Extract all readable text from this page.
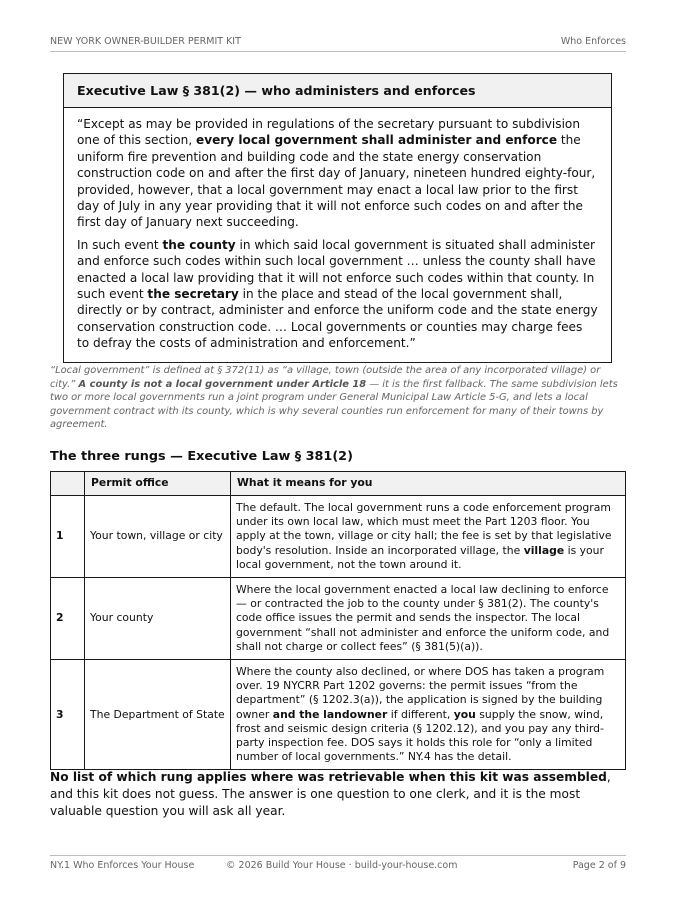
NEW YORK OWNER-BUILDER PERMIT KIT	Who Enforces
Executive Law § 381(2) — who administers and enforces

“Except as may be provided in regulations of the secretary pursuant to subdivision one of this section, every local government shall administer and enforce the uniform fire prevention and building code and the state energy conservation construction code on and after the first day of January, nineteen hundred eighty-four, provided, however, that a local government may enact a local law prior to the first day of July in any year providing that it will not enforce such codes on and after the first day of January next succeeding.

In such event the county in which said local government is situated shall administer and enforce such codes within such local government … unless the county shall have enacted a local law providing that it will not enforce such codes within that county. In such event the secretary in the place and stead of the local government shall, directly or by contract, administer and enforce the uniform code and the state energy conservation construction code. … Local governments or counties may charge fees to defray the costs of administration and enforcement.”

“Local government” is defined at § 372(11) as “a village, town (outside the area of any incorporated village) or city.” A county is not a local government under Article 18 — it is the first fallback. The same subdivision lets two or more local governments run a joint program under General Municipal Law Article 5-G, and lets a local government contract with its county, which is why several counties run enforcement for many of their towns by agreement.
The three rungs — Executive Law § 381(2)
	Permit office	What it means for you
1	Your town, village or city	The default. The local government runs a code enforcement program under its own local law, which must meet the Part 1203 floor. You apply at the town, village or city hall; the fee is set by that legislative body's resolution. Inside an incorporated village, the village is your local government, not the town around it.
2	Your county	Where the local government enacted a local law declining to enforce — or contracted the job to the county under § 381(2). The county's code office issues the permit and sends the inspector. The local government “shall not administer and enforce the uniform code, and shall not charge or collect fees” (§ 381(5)(a)).
3	The Department of State	Where the county also declined, or where DOS has taken a program over. 19 NYCRR Part 1202 governs: the permit issues “from the department” (§ 1202.3(a)), the application is signed by the building owner and the landowner if different, you supply the snow, wind, frost and seismic design criteria (§ 1202.12), and you pay any third-party inspection fee. DOS says it holds this role for “only a limited number of local governments.” NY.4 has the detail.
No list of which rung applies where was retrievable when this kit was assembled, and this kit does not guess. The answer is one question to one clerk, and it is the most valuable question you will ask all year.
NY.1 Who Enforces Your House	© 2026 Build Your House · build-your-house.com	Page 2 of 9
